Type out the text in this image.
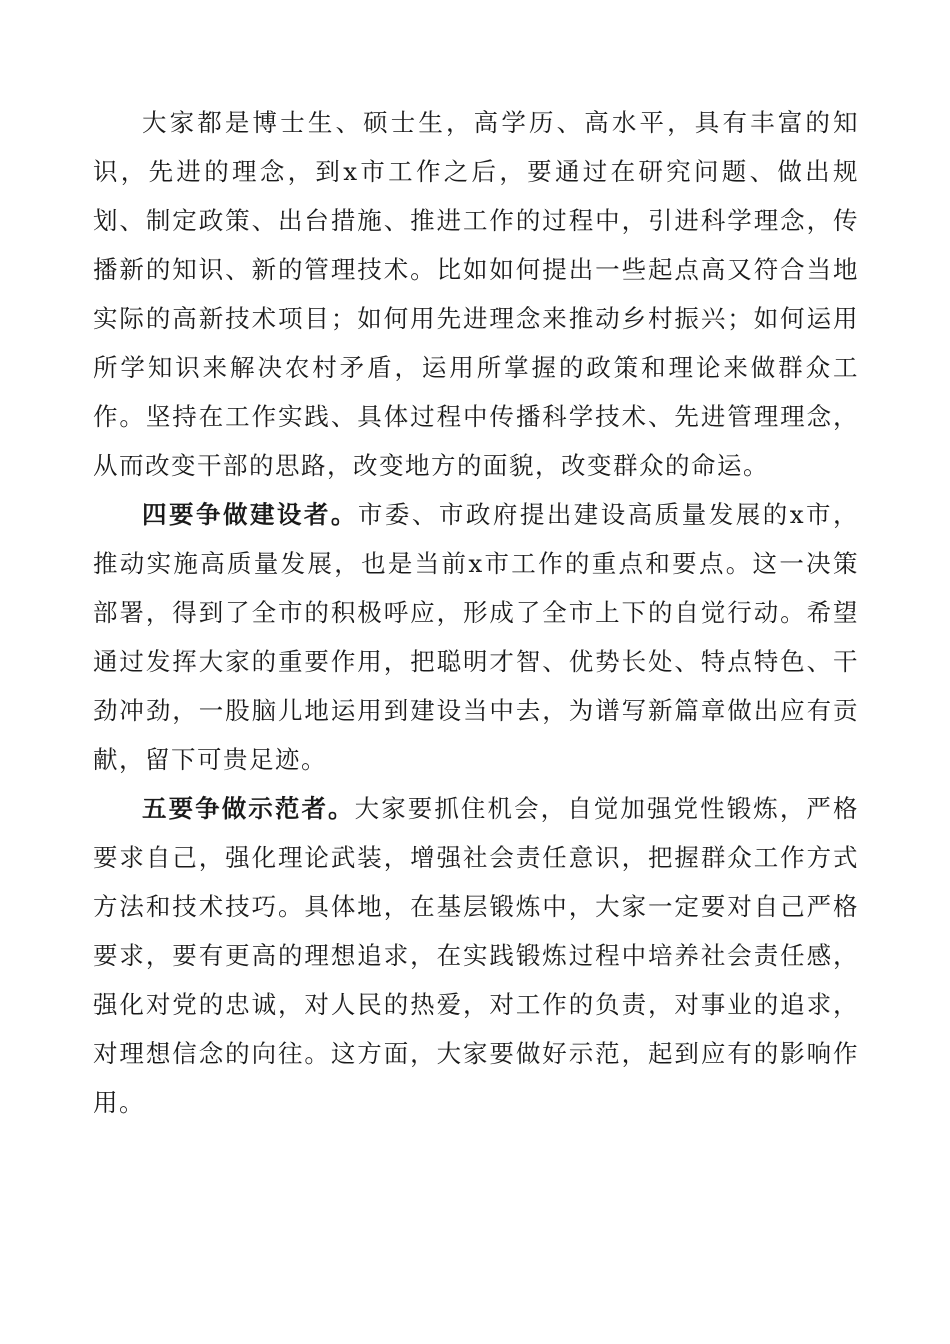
大家都是博士生、硕士生，高学历、高水平，具有丰富的知识，先进的理念，到x市工作之后，要通过在研究问题、做出规划、制定政策、出台措施、推进工作的过程中，引进科学理念，传播新的知识、新的管理技术。比如如何提出一些起点高又符合当地实际的高新技术项目；如何用先进理念来推动乡村振兴；如何运用所学知识来解决农村矛盾，运用所掌握的政策和理论来做群众工作。坚持在工作实践、具体过程中传播科学技术、先进管理理念，从而改变干部的思路，改变地方的面貌，改变群众的命运。

四要争做建设者。市委、市政府提出建设高质量发展的x市，推动实施高质量发展，也是当前x市工作的重点和要点。这一决策部署，得到了全市的积极呼应，形成了全市上下的自觉行动。希望通过发挥大家的重要作用，把聪明才智、优势长处、特点特色、干劲冲劲，一股脑儿地运用到建设当中去，为谱写新篇章做出应有贡献，留下可贵足迹。

五要争做示范者。大家要抓住机会，自觉加强党性锻炼，严格要求自己，强化理论武装，增强社会责任意识，把握群众工作方式方法和技术技巧。具体地，在基层锻炼中，大家一定要对自己严格要求，要有更高的理想追求，在实践锻炼过程中培养社会责任感，强化对党的忠诚，对人民的热爱，对工作的负责，对事业的追求，对理想信念的向往。这方面，大家要做好示范，起到应有的影响作用。
